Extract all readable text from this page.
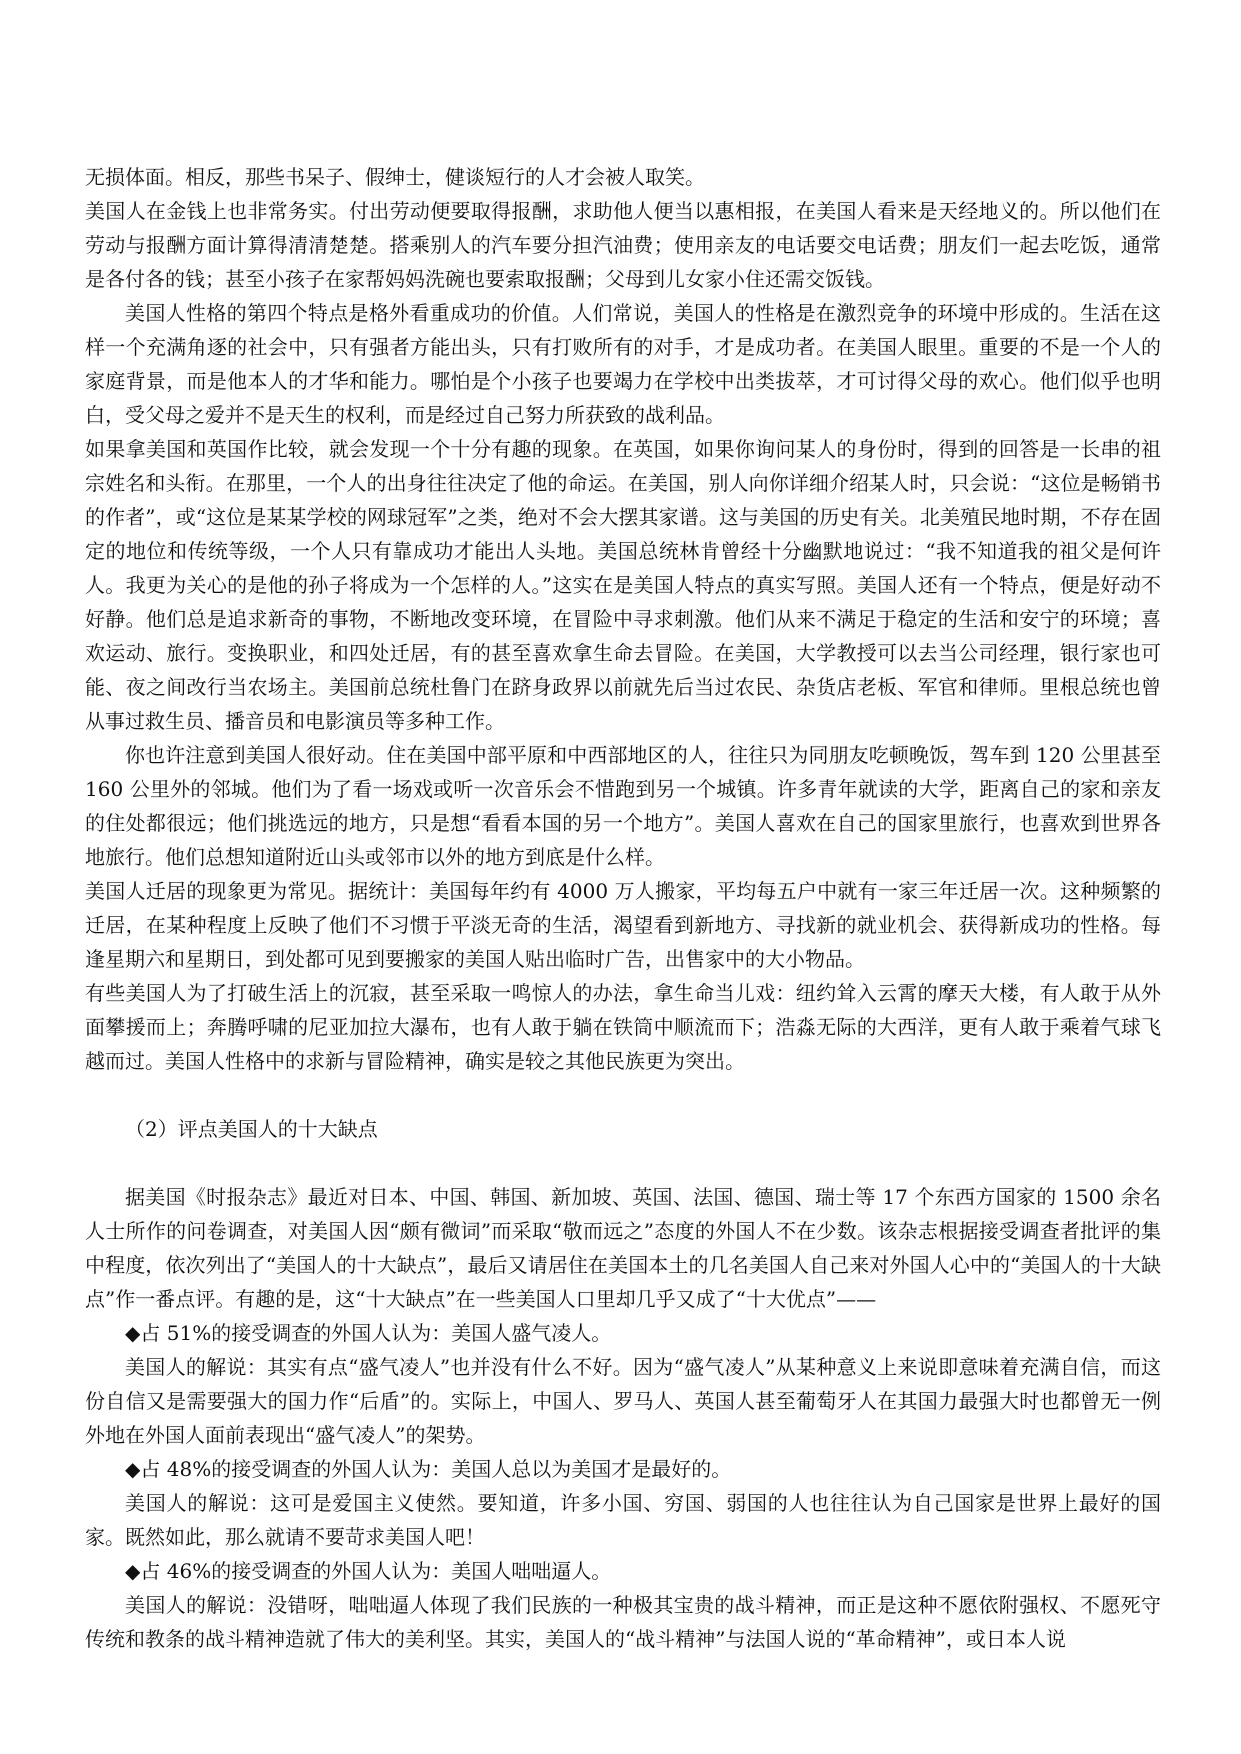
无损体面。相反，那些书呆子、假绅士，健谈短行的人才会被人取笑。

美国人在金钱上也非常务实。付出劳动便要取得报酬，求助他人便当以惠相报，在美国人看来是天经地义的。所以他们在劳动与报酬方面计算得清清楚楚。搭乘别人的汽车要分担汽油费；使用亲友的电话要交电话费；朋友们一起去吃饭，通常是各付各的钱；甚至小孩子在家帮妈妈洗碗也要索取报酬；父母到儿女家小住还需交饭钱。

美国人性格的第四个特点是格外看重成功的价值。人们常说，美国人的性格是在激烈竞争的环境中形成的。生活在这样一个充满角逐的社会中，只有强者方能出头，只有打败所有的对手，才是成功者。在美国人眼里。重要的不是一个人的家庭背景，而是他本人的才华和能力。哪怕是个小孩子也要竭力在学校中出类拔萃，才可讨得父母的欢心。他们似乎也明白，受父母之爱并不是天生的权利，而是经过自己努力所获致的战利品。

如果拿美国和英国作比较，就会发现一个十分有趣的现象。在英国，如果你询问某人的身份时，得到的回答是一长串的祖宗姓名和头衔。在那里，一个人的出身往往决定了他的命运。在美国，别人向你详细介绍某人时，只会说：“这位是畅销书的作者”，或“这位是某某学校的网球冠军”之类，绝对不会大摆其家谱。这与美国的历史有关。北美殖民地时期，不存在固定的地位和传统等级，一个人只有靠成功才能出人头地。美国总统林肯曾经十分幽默地说过：“我不知道我的祖父是何许人。我更为关心的是他的孙子将成为一个怎样的人。”这实在是美国人特点的真实写照。美国人还有一个特点，便是好动不好静。他们总是追求新奇的事物，不断地改变环境，在冒险中寻求刺激。他们从来不满足于稳定的生活和安宁的环境；喜欢运动、旅行。变换职业，和四处迁居，有的甚至喜欢拿生命去冒险。在美国，大学教授可以去当公司经理，银行家也可能、夜之间改行当农场主。美国前总统杜鲁门在跻身政界以前就先后当过农民、杂货店老板、军官和律师。里根总统也曾从事过救生员、播音员和电影演员等多种工作。

你也许注意到美国人很好动。住在美国中部平原和中西部地区的人，往往只为同朋友吃顿晚饭，驾车到 120 公里甚至 160 公里外的邻城。他们为了看一场戏或听一次音乐会不惜跑到另一个城镇。许多青年就读的大学，距离自己的家和亲友的住处都很远；他们挑选远的地方，只是想“看看本国的另一个地方”。美国人喜欢在自己的国家里旅行，也喜欢到世界各地旅行。他们总想知道附近山头或邻市以外的地方到底是什么样。

美国人迁居的现象更为常见。据统计：美国每年约有 4000 万人搬家，平均每五户中就有一家三年迁居一次。这种频繁的迁居，在某种程度上反映了他们不习惯于平淡无奇的生活，渴望看到新地方、寻找新的就业机会、获得新成功的性格。每逢星期六和星期日，到处都可见到要搬家的美国人贴出临时广告，出售家中的大小物品。

有些美国人为了打破生活上的沉寂，甚至采取一鸣惊人的办法，拿生命当儿戏：纽约耸入云霄的摩天大楼，有人敢于从外面攀援而上；奔腾呼啸的尼亚加拉大瀑布，也有人敢于躺在铁筒中顺流而下；浩淼无际的大西洋，更有人敢于乘着气球飞越而过。美国人性格中的求新与冒险精神，确实是较之其他民族更为突出。

（2）评点美国人的十大缺点

据美国《时报杂志》最近对日本、中国、韩国、新加坡、英国、法国、德国、瑞士等 17 个东西方国家的 1500 余名人士所作的问卷调查，对美国人因“颇有微词”而采取“敬而远之”态度的外国人不在少数。该杂志根据接受调查者批评的集中程度，依次列出了“美国人的十大缺点”，最后又请居住在美国本土的几名美国人自己来对外国人心中的“美国人的十大缺点”作一番点评。有趣的是，这“十大缺点”在一些美国人口里却几乎又成了“十大优点”——

◆占 51%的接受调查的外国人认为：美国人盛气凌人。

美国人的解说：其实有点“盛气凌人”也并没有什么不好。因为“盛气凌人”从某种意义上来说即意味着充满自信，而这份自信又是需要强大的国力作“后盾”的。实际上，中国人、罗马人、英国人甚至葡萄牙人在其国力最强大时也都曾无一例外地在外国人面前表现出“盛气凌人”的架势。

◆占 48%的接受调查的外国人认为：美国人总以为美国才是最好的。

美国人的解说：这可是爱国主义使然。要知道，许多小国、穷国、弱国的人也往往认为自己国家是世界上最好的国家。既然如此，那么就请不要苛求美国人吧！

◆占 46%的接受调查的外国人认为：美国人咄咄逼人。

美国人的解说：没错呀，咄咄逼人体现了我们民族的一种极其宝贵的战斗精神，而正是这种不愿依附强权、不愿死守传统和教条的战斗精神造就了伟大的美利坚。其实，美国人的“战斗精神”与法国人说的“革命精神”，或日本人说
